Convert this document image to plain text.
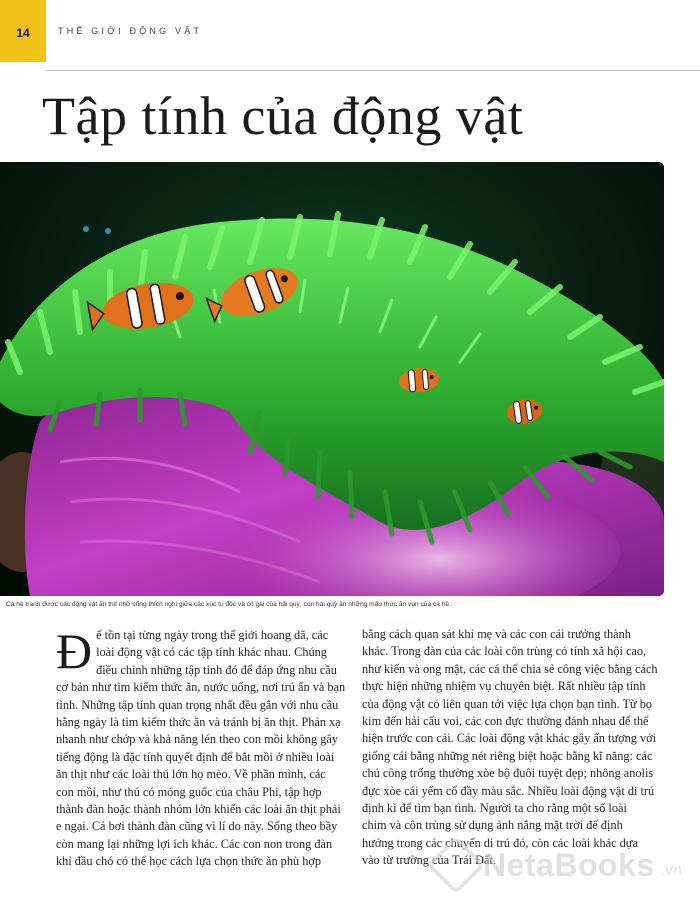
14	THẾ GIỚI ĐỘNG VẬT
Tập tính của động vật
Cá hề tranh được các động vật ăn thịt nhờ sống thích nghi giữa các xúc tu độc và có gai của hải quỳ, con hải quỳ ăn những mẩu thức ăn vụn của cá hề.
Đ ể tồn tại từng ngày trong thế giới hoang dã, các

loài động vật có các tập tính khác nhau. Chúng

điều chỉnh những tập tính đó để đáp ứng nhu cầu

cơ bản như tìm kiếm thức ăn, nước uống, nơi trú ẩn và bạn

tình. Những tập tính quan trọng nhất đều gắn với nhu cầu

hằng ngày là tìm kiếm thức ăn và tránh bị ăn thịt. Phản xạ

nhanh như chớp và khả năng lén theo con mồi không gây

tiếng động là đặc tính quyết định để bắt mồi ở nhiều loài

ăn thịt như các loài thú lớn họ mèo. Về phần mình, các

con mồi, như thú có móng guốc của châu Phi, tập hợp

thành đàn hoặc thành nhóm lớn khiến các loài ăn thịt phải

e ngại. Cá bơi thành đàn cũng vì lí do này. Sống theo bầy

còn mang lại những lợi ích khác. Các con non trong đàn

khỉ đầu chó có thể học cách lựa chọn thức ăn phù hợp

bằng cách quan sát khỉ mẹ và các con cái trưởng thành

khác. Trong đàn của các loài côn trùng có tính xã hội cao,

như kiến và ong mật, các cá thể chia sẻ công việc bằng cách

thực hiện những nhiệm vụ chuyên biệt. Rất nhiều tập tính

của động vật có liên quan tới việc lựa chọn bạn tình. Từ bọ

kim đến hải cẩu voi, các con đực thường đánh nhau để thể

hiện trước con cái. Các loài động vật khác gây ấn tượng với

giống cái bằng những nét riêng biệt hoặc bằng kĩ năng: các

chú công trống thường xòe bộ đuôi tuyệt đẹp; nhông anolis

đực xòe cái yếm cổ đầy màu sắc. Nhiều loài động vật di trú

định kì để tìm bạn tình. Người ta cho rằng một số loài

chim và côn trùng sử dụng ánh nắng mặt trời để định

hướng trong các chuyến di trú đó, còn các loài khác dựa

vào từ trường của Trái Đất.

NetaBooks .vn
